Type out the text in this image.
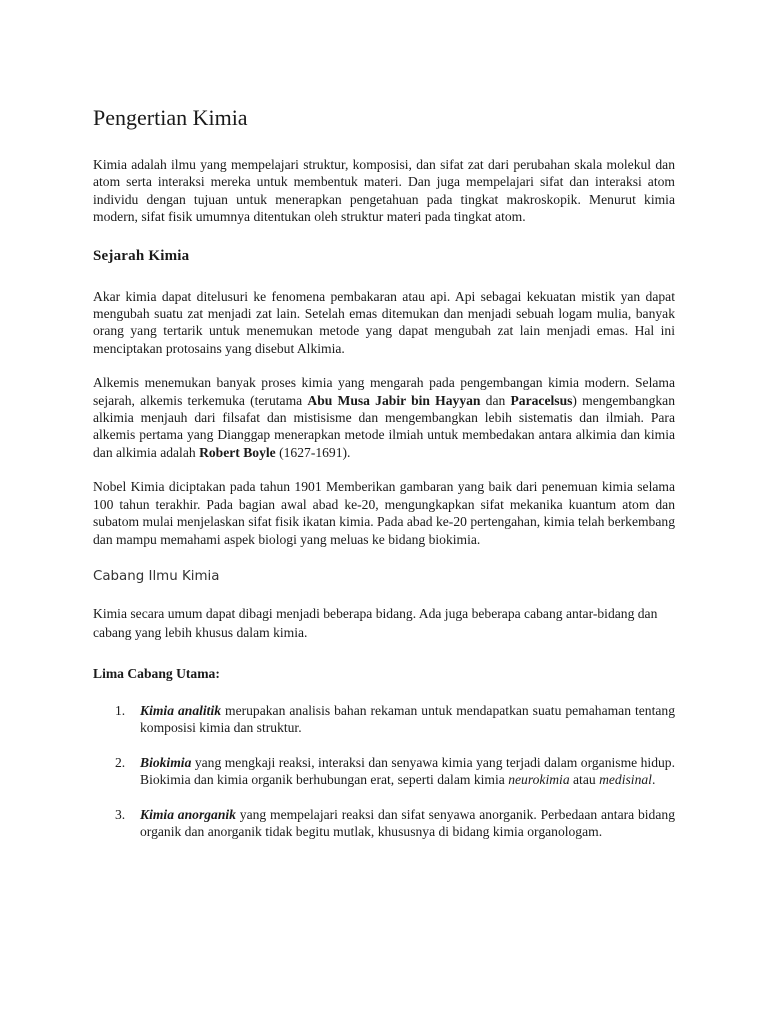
Pengertian Kimia

Kimia adalah ilmu yang mempelajari struktur, komposisi, dan sifat zat dari perubahan skala molekul dan atom serta interaksi mereka untuk membentuk materi. Dan juga mempelajari sifat dan interaksi atom individu dengan tujuan untuk menerapkan pengetahuan pada tingkat makroskopik. Menurut kimia modern, sifat fisik umumnya ditentukan oleh struktur materi pada tingkat atom.

Sejarah Kimia

Akar kimia dapat ditelusuri ke fenomena pembakaran atau api. Api sebagai kekuatan mistik yan dapat mengubah suatu zat menjadi zat lain. Setelah emas ditemukan dan menjadi sebuah logam mulia, banyak orang yang tertarik untuk menemukan metode yang dapat mengubah zat lain menjadi emas. Hal ini menciptakan protosains yang disebut Alkimia.

Alkemis menemukan banyak proses kimia yang mengarah pada pengembangan kimia modern. Selama sejarah, alkemis terkemuka (terutama Abu Musa Jabir bin Hayyan dan Paracelsus) mengembangkan alkimia menjauh dari filsafat dan mistisisme dan mengembangkan lebih sistematis dan ilmiah. Para alkemis pertama yang Dianggap menerapkan metode ilmiah untuk membedakan antara alkimia dan kimia dan alkimia adalah Robert Boyle (1627-1691).

Nobel Kimia diciptakan pada tahun 1901 Memberikan gambaran yang baik dari penemuan kimia selama 100 tahun terakhir. Pada bagian awal abad ke-20, mengungkapkan sifat mekanika kuantum atom dan subatom mulai menjelaskan sifat fisik ikatan kimia. Pada abad ke-20 pertengahan, kimia telah berkembang dan mampu memahami aspek biologi yang meluas ke bidang biokimia.

Cabang Ilmu Kimia

Kimia secara umum dapat dibagi menjadi beberapa bidang. Ada juga beberapa cabang antar-bidang dan cabang yang lebih khusus dalam kimia.

Lima Cabang Utama:
1. Kimia analitik merupakan analisis bahan rekaman untuk mendapatkan suatu pemahaman tentang komposisi kimia dan struktur.

2. Biokimia yang mengkaji reaksi, interaksi dan senyawa kimia yang terjadi dalam organisme hidup. Biokimia dan kimia organik berhubungan erat, seperti dalam kimia neurokimia atau medisinal.

3. Kimia anorganik yang mempelajari reaksi dan sifat senyawa anorganik. Perbedaan antara bidang organik dan anorganik tidak begitu mutlak, khususnya di bidang kimia organologam.
